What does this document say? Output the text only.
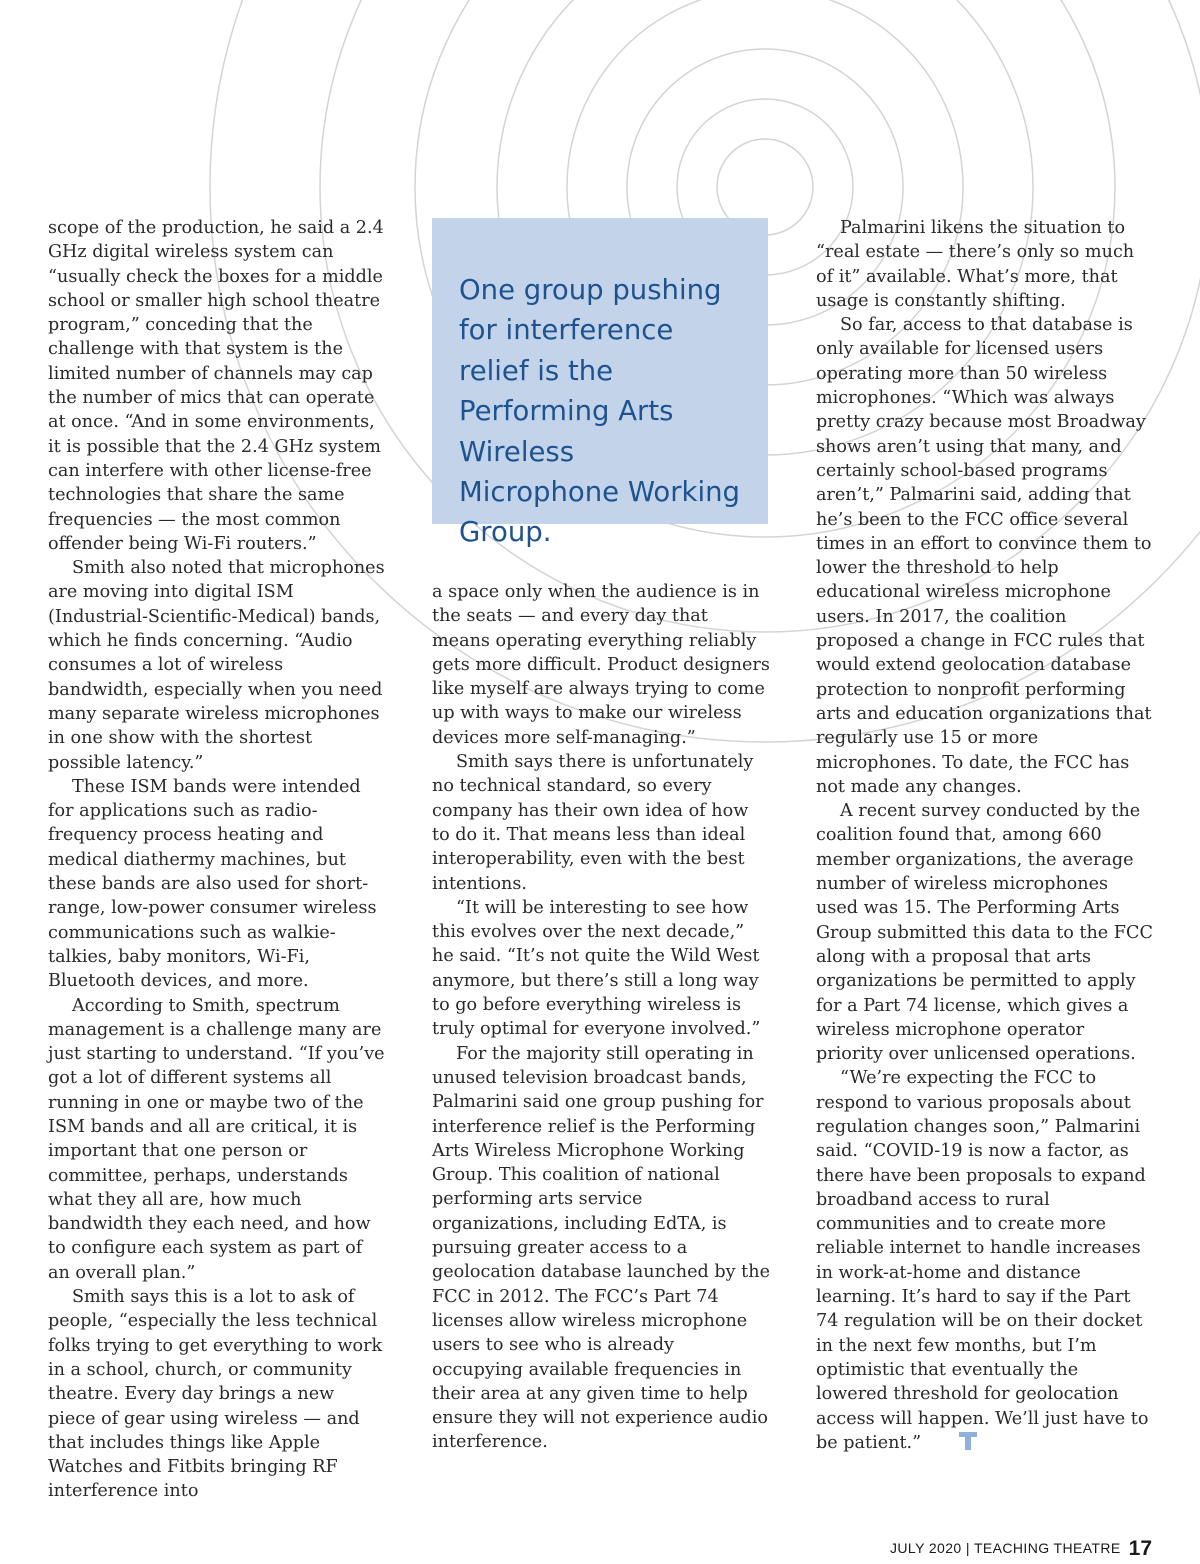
scope of the production, he said a 2.4 GHz digital wireless system can “usually check the boxes for a middle school or smaller high school theatre program,” conceding that the challenge with that system is the limited number of channels may cap the number of mics that can operate at once. “And in some environments, it is possible that the 2.4 GHz system can interfere with other license-free technologies that share the same frequencies — the most common offender being Wi-Fi routers.”

Smith also noted that microphones are moving into digital ISM (Industrial-Scientific-Medical) bands, which he finds concerning. “Audio consumes a lot of wireless bandwidth, especially when you need many separate wireless microphones in one show with the shortest possible latency.”

These ISM bands were intended for applications such as radio-frequency process heating and medical diathermy machines, but these bands are also used for short-range, low-power consumer wireless communications such as walkie-talkies, baby monitors, Wi-Fi, Bluetooth devices, and more.

According to Smith, spectrum management is a challenge many are just starting to understand. “If you’ve got a lot of different systems all running in one or maybe two of the ISM bands and all are critical, it is important that one person or committee, perhaps, understands what they all are, how much bandwidth they each need, and how to configure each system as part of an overall plan.”

Smith says this is a lot to ask of people, “especially the less technical folks trying to get everything to work in a school, church, or community theatre. Every day brings a new piece of gear using wireless — and that includes things like Apple Watches and Fitbits bringing RF interference into

One group pushing for interference relief is the Performing Arts Wireless Microphone Working Group.

a space only when the audience is in the seats — and every day that means operating everything reliably gets more difficult. Product designers like myself are always trying to come up with ways to make our wireless devices more self-managing.”

Smith says there is unfortunately no technical standard, so every company has their own idea of how to do it. That means less than ideal interoperability, even with the best intentions.

“It will be interesting to see how this evolves over the next decade,” he said. “It’s not quite the Wild West anymore, but there’s still a long way to go before everything wireless is truly optimal for everyone involved.”

For the majority still operating in unused television broadcast bands, Palmarini said one group pushing for interference relief is the Performing Arts Wireless Microphone Working Group. This coalition of national performing arts service organizations, including EdTA, is pursuing greater access to a geolocation database launched by the FCC in 2012. The FCC’s Part 74 licenses allow wireless microphone users to see who is already occupying available frequencies in their area at any given time to help ensure they will not experience audio interference.

Palmarini likens the situation to “real estate — there’s only so much of it” available. What’s more, that usage is constantly shifting.

So far, access to that database is only available for licensed users operating more than 50 wireless microphones. “Which was always pretty crazy because most Broadway shows aren’t using that many, and certainly school-based programs aren’t,” Palmarini said, adding that he’s been to the FCC office several times in an effort to convince them to lower the threshold to help educational wireless microphone users. In 2017, the coalition proposed a change in FCC rules that would extend geolocation database protection to nonprofit performing arts and education organizations that regularly use 15 or more microphones. To date, the FCC has not made any changes.

A recent survey conducted by the coalition found that, among 660 member organizations, the average number of wireless microphones used was 15. The Performing Arts Group submitted this data to the FCC along with a proposal that arts organizations be permitted to apply for a Part 74 license, which gives a wireless microphone operator priority over unlicensed operations.

“We’re expecting the FCC to respond to various proposals about regulation changes soon,” Palmarini said. “COVID-19 is now a factor, as there have been proposals to expand broadband access to rural communities and to create more reliable internet to handle increases in work-at-home and distance learning. It’s hard to say if the Part 74 regulation will be on their docket in the next few months, but I’m optimistic that eventually the lowered threshold for geolocation access will happen. We’ll just have to be patient.”

JULY 2020 | TEACHING THEATRE 17
